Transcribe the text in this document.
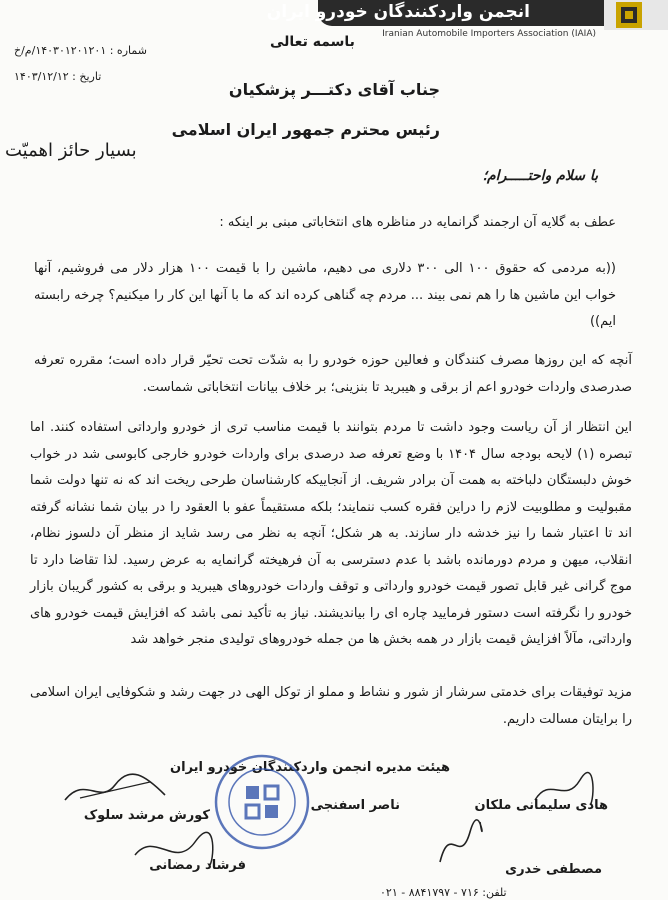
انجمن واردکنندگان خودرو ایران
Iranian Automobile Importers Association (IAIA)
باسمه تعالی
شماره : ۱۴۰۳۰۱۲۰۱۲۰۱/م/خ
تاریخ : ۱۴۰۳/۱۲/۱۲
جناب آقای دکتـــر پزشکیان
رئیس محترم جمهور ایران اسلامی
بسیار حائز اهمیّت
با سلام واحتـــــرام؛
عطف به گلایه آن ارجمند گرانمایه در مناظره های انتخاباتی مبنی بر اینکه :
((به مردمی که حقوق ۱۰۰ الی ۳۰۰ دلاری می دهیم، ماشین را با قیمت ۱۰۰ هزار دلار می فروشیم، آنها خواب این ماشین ها را هم نمی بیند ... مردم چه گناهی کرده اند که ما با آنها این کار را میکنیم؟ چرخه رابسته ایم))
آنچه که این روزها مصرف کنندگان و فعالین حوزه خودرو را به شدّت تحت تحیّر قرار داده است؛ مقرره تعرفه صدرصدی واردات خودرو اعم از برقی و هیبرید تا بنزینی؛ بر خلاف بیانات انتخاباتی شماست.
این انتظار از آن ریاست وجود داشت تا مردم بتوانند با قیمت مناسب تری از خودرو وارداتی استفاده کنند. اما تبصره (۱) لایحه بودجه سال ۱۴۰۴ با وضع تعرفه صد درصدی برای واردات خودرو خارجی کابوسی شد در خواب خوش دلبستگان دلباخته به همت آن برادر شریف. از آنجاییکه کارشناسان طرحی ریخت اند که نه تنها دولت شما مقبولیت و مطلوبیت لازم را دراین فقره کسب ننمایند؛ بلکه مستقیماً عفو با العقود را در بیان شما نشانه گرفته اند تا اعتبار شما را نیز خدشه دار سازند. به هر شکل؛ آنچه به نظر می رسد شاید از منظر آن دلسوز نظام، انقلاب، میهن و مردم دورمانده باشد با عدم دسترسی به آن فرهیخته گرانمایه به عرض رسید. لذا تقاضا دارد تا موج گرانی غیر قابل تصور قیمت خودرو وارداتی و توقف واردات خودروهای هیبرید و برقی به کشور گریبان بازار خودرو را نگرفته است دستور فرمایید چاره ای را بیاندیشند. نیاز به تأکید نمی باشد که افزایش قیمت خودرو های وارداتی، مآلاً افزایش قیمت بازار در همه بخش ها من جمله خودروهای تولیدی منجر خواهد شد
مزید توفیقات برای خدمتی سرشار از شور و نشاط و مملو از توکل الهی در جهت رشد و شکوفایی ایران اسلامی را برایتان مسالت داریم.
هیئت مدیره انجمن واردکنندگان خودرو ایران
هادی سلیمانی ملکان
ناصر اسفنجی
کورش مرشد سلوک
مصطفی خدری
فرشاد رمضانی
تلفن: ۷۱۶ - ۸۸۴۱۷۹۷ - ۰۲۱
